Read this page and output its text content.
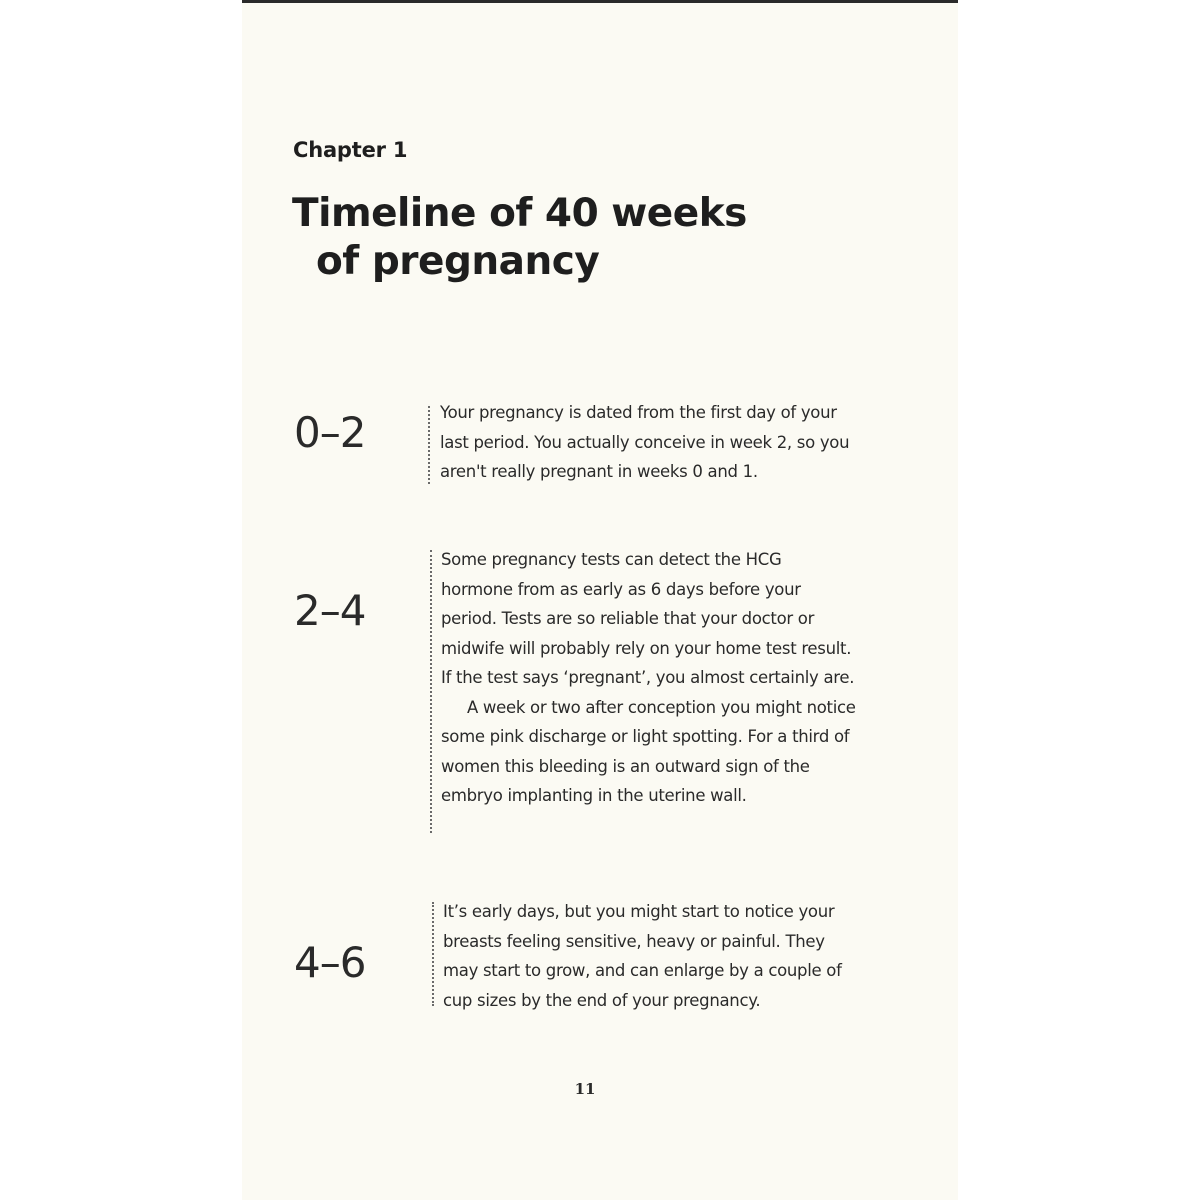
Chapter 1
Timeline of 40 weeks
of pregnancy
0–2	Your pregnancy is dated from the first day of your last period. You actually conceive in week 2, so you aren't really pregnant in weeks 0 and 1.

2–4

Some pregnancy tests can detect the HCG hormone from as early as 6 days before your period. Tests are so reliable that your doctor or midwife will probably rely on your home test result. If the test says ‘pregnant’, you almost certainly are.

A week or two after conception you might notice some pink discharge or light spotting. For a third of women this bleeding is an outward sign of the embryo implanting in the uterine wall.

4–6

It’s early days, but you might start to notice your breasts feeling sensitive, heavy or painful. They may start to grow, and can enlarge by a couple of cup sizes by the end of your pregnancy.

11
